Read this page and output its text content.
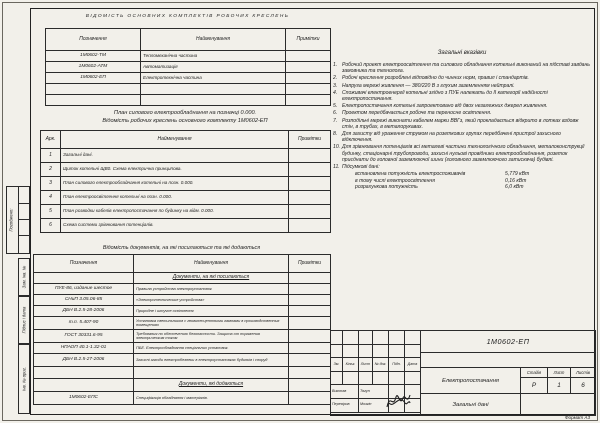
Погоджено:
Зам. інв. №
Підпис і дата
Інв. № ориг.
ВІДОМІСТЬ ОСНОВНИХ КОМПЛЕКТІВ РОБОЧИХ КРЕСЛЕНЬ
Позначення	Найменування	Примітки
1М0602-ТМ	Тепломеханічна частина	
1М0602-АТМ	Автоматизація	
1М0602-ЕП	Електротехнічна частина	

План силового електрообладнання на позначці 0.000.
Відомість робочих креслень основного комплекту 1М0602-ЕП
Арк.	Найменування	Примітки
1	Загальні дані.	
2	Щиток котельні ЩВ0. Схема електрична принципова.	
3	План силового електрообладнання котельні на позн. 0.000.	
4	План електроосвітлення котельні на позн. 0.000.	
5	План розводки кабелів електропостачання по будинку на відм. 0.000.	
6	Схема системи зрівнювання потенціалів.	
Відомість документів, на які посилаються та які додаються
Позначення	Найменування	Примітки
	Документи, на які посилаються	
ПУЕ-86, издание шестое	Правила устройства электроустановок	
СНиП 3.05.06-85	«Электротехнические устройства»	
ДБН В.2.5-28-2006	Природне і штучне освітлення	
т.п. 5.407-90	Установка светильников с люминесцентными лампами в производственных помещениях	
ГОСТ 30331.6-95	Требования по обеспечению безопасности. Защита от поражения электрическим током	
НПАОП 40.1-1.32-01	ПБЕ. Електрообладнання спеціальних установок.	
ДБН В.2.5-27-2006	Захисні заходи електробезпеки в електроустановках будинків і споруд	

	Документи, які додаються	
1М0602-ЕПС	Специфікація обладнання і матеріалів.	
Загальні вказівки
1. Робочий проект електроосвітлення та силового обладнання котельні виконаний на підставі завдань замовника та технолога.
2. Робочі креслення розроблені відповідно до чинних норм, правил і стандартів.
3. Напруга мережі живлення — 380/220 В з глухим заземленням нейтралі.
4. Споживачі електроенергії котельні згідно з ПУЕ належать до ІІ категорії надійності електропостачання.
5. Електропостачання котельні запроектовано від двох незалежних джерел живлення.
6. Проектом передбачається робоче та переносне освітлення.
7. Розподільчі мережі виконати кабелем марки ВВГз, який прокладається відкрито в лотках вздовж стін, в трубах, в металорукавах.
8. Для захисту від ураження струмом на розеткових групах передбачені пристрої захисного відключення.
10. Для зрівнювання потенціалів всі металеві частини технологічного обладнання, металоконструкції будинку, стаціонарні трубопроводи, захисні нульові провідники електрообладнання, розеток приєднати до головної заземлюючої шини (головного заземлюючого затискача) будівлі.
11. Підсумкові дані:
встановлена потужність електроспоживачів	5,779 кВт
в тому числі електроосвітлення	0,16 кВт
розрахункова потужність	6,0 кВт

Зм.	Кільк.	Лист	№ док.	Підп.	Дата

Виконав		Тягун			
Перевірив		Мозгін			
1М0602-ЕП
Електропостачання
Загальні дані
Стадія	Лист	Листів
Р	1	6
Формат А3
